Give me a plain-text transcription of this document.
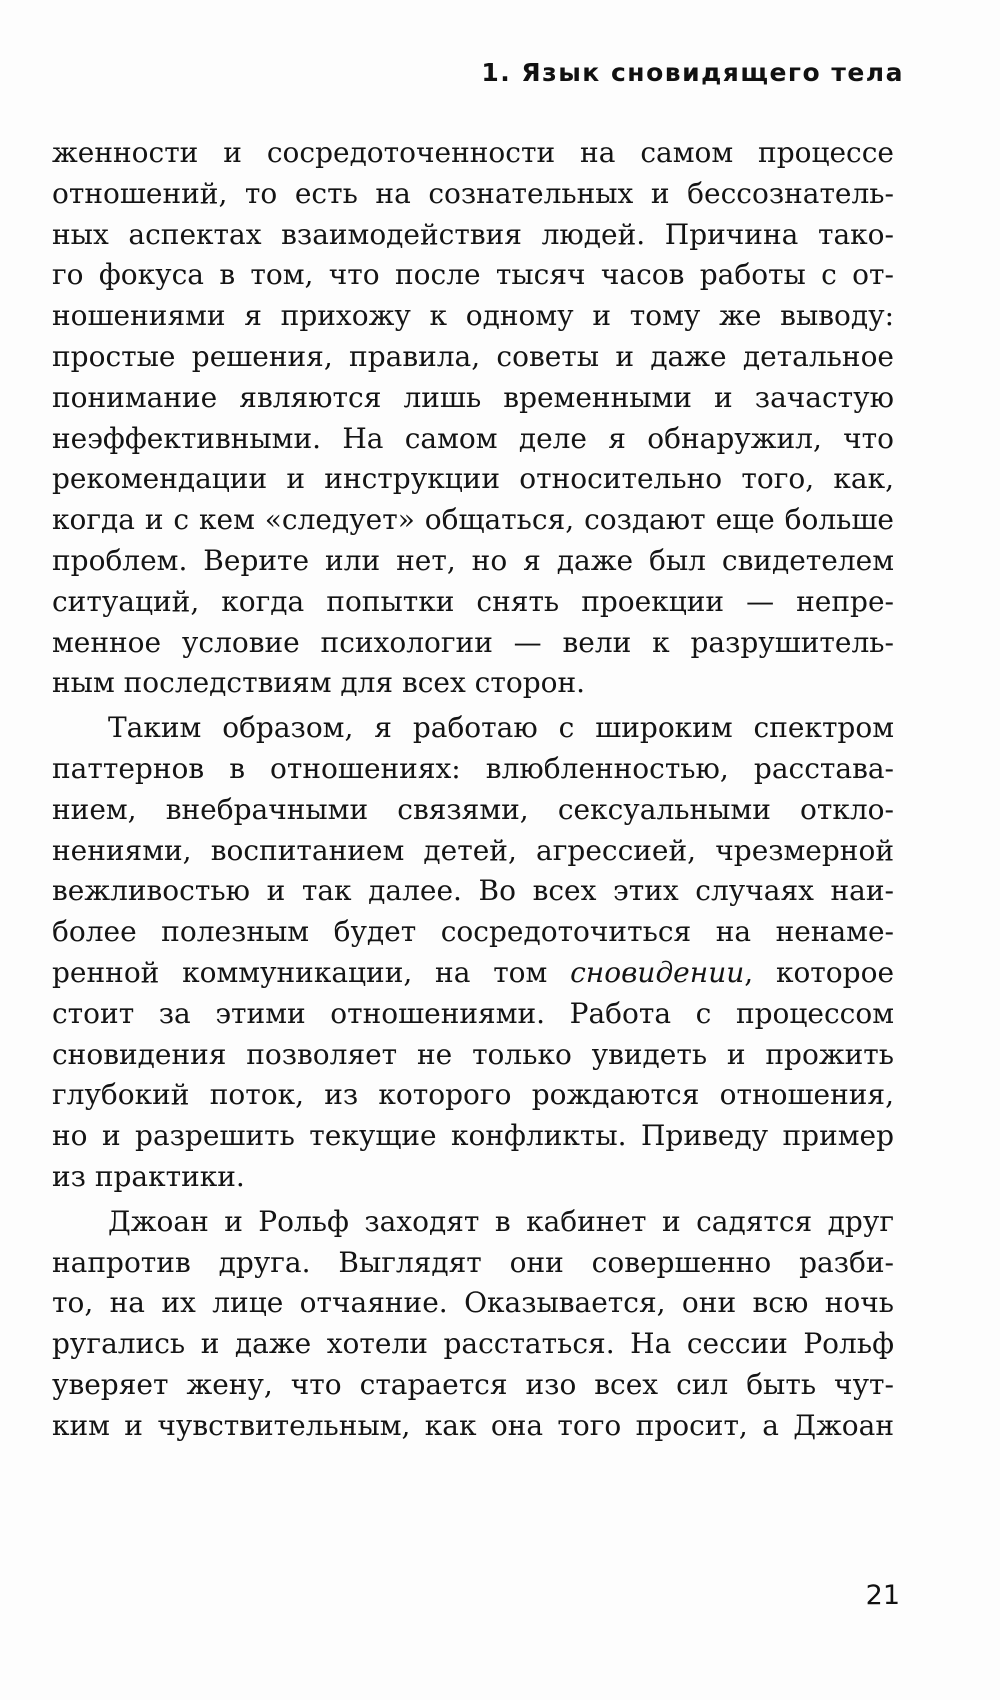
1. Язык сновидящего тела
женности и сосредоточенности на самом процессе
отношений, то есть на сознательных и бессознатель-
ных аспектах взаимодействия людей. Причина тако-
го фокуса в том, что после тысяч часов работы с от-
ношениями я прихожу к одному и тому же выводу:
простые решения, правила, советы и даже детальное
понимание являются лишь временными и зачастую
неэффективными. На самом деле я обнаружил, что
рекомендации и инструкции относительно того, как,
когда и с кем «следует» общаться, создают еще больше
проблем. Верите или нет, но я даже был свидетелем
ситуаций, когда попытки снять проекции — непре-
менное условие психологии — вели к разрушитель-
ным последствиям для всех сторон.
Таким образом, я работаю с широким спектром
паттернов в отношениях: влюбленностью, расстава-
нием, внебрачными связями, сексуальными откло-
нениями, воспитанием детей, агрессией, чрезмерной
вежливостью и так далее. Во всех этих случаях наи-
более полезным будет сосредоточиться на ненаме-
ренной коммуникации, на том сновидении, которое
стоит за этими отношениями. Работа с процессом
сновидения позволяет не только увидеть и прожить
глубокий поток, из которого рождаются отношения,
но и разрешить текущие конфликты. Приведу пример
из практики.
Джоан и Рольф заходят в кабинет и садятся друг
напротив друга. Выглядят они совершенно разби-
то, на их лице отчаяние. Оказывается, они всю ночь
ругались и даже хотели расстаться. На сессии Рольф
уверяет жену, что старается изо всех сил быть чут-
ким и чувствительным, как она того просит, а Джоан
21
